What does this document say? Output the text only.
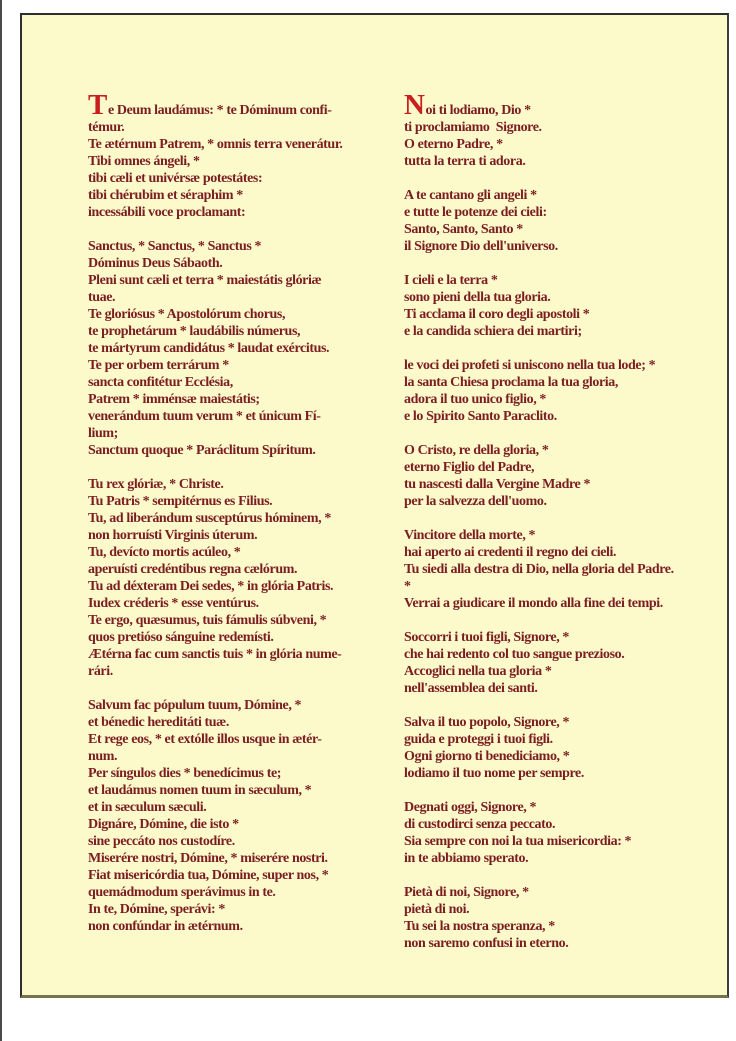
Te Deum laudámus: * te Dóminum confi-
témur.
Te ætérnum Patrem, * omnis terra venerátur.
Tibi omnes ángeli, *
tibi cæli et univérsæ potestátes:
tibi chérubim et séraphim *
incessábili voce proclamant:
Sanctus, * Sanctus, * Sanctus *
Dóminus Deus Sábaoth.
Pleni sunt cæli et terra * maiestátis glóriæ
tuae.
Te gloriósus * Apostolórum chorus,
te prophetárum * laudábilis númerus,
te mártyrum candidátus * laudat exércitus.
Te per orbem terrárum *
sancta confitétur Ecclésia,
Patrem * imménsæ maiestátis;
venerándum tuum verum * et únicum Fí-
lium;
Sanctum quoque * Paráclitum Spíritum.
Tu rex glóriæ, * Christe.
Tu Patris * sempitérnus es Filius.
Tu, ad liberándum susceptúrus hóminem, *
non horruísti Virginis úterum.
Tu, devícto mortis acúleo, *
aperuísti credéntibus regna cælórum.
Tu ad déxteram Dei sedes, * in glória Patris.
Iudex créderis * esse ventúrus.
Te ergo, quæsumus, tuis fámulis súbveni, *
quos pretióso sánguine redemísti.
Ætérna fac cum sanctis tuis * in glória nume-
rári.
Salvum fac pópulum tuum, Dómine, *
et bénedic hereditáti tuæ.
Et rege eos, * et extólle illos usque in ætér-
num.
Per síngulos dies * benedícimus te;
et laudámus nomen tuum in sæculum, *
et in sæculum sæculi.
Dignáre, Dómine, die isto *
sine peccáto nos custodíre.
Miserére nostri, Dómine, * miserére nostri.
Fiat misericórdia tua, Dómine, super nos, *
quemádmodum sperávimus in te.
In te, Dómine, sperávi: *
non confúndar in ætérnum.
Noi ti lodiamo, Dio *
ti proclamiamo  Signore.
O eterno Padre, *
tutta la terra ti adora.
A te cantano gli angeli *
e tutte le potenze dei cieli:
Santo, Santo, Santo *
il Signore Dio dell'universo.
I cieli e la terra *
sono pieni della tua gloria.
Ti acclama il coro degli apostoli *
e la candida schiera dei martiri;
le voci dei profeti si uniscono nella tua lode; *
la santa Chiesa proclama la tua gloria,
adora il tuo unico figlio, *
e lo Spirito Santo Paraclito.
O Cristo, re della gloria, *
eterno Figlio del Padre,
tu nascesti dalla Vergine Madre *
per la salvezza dell'uomo.
Vincitore della morte, *
hai aperto ai credenti il regno dei cieli.
Tu siedi alla destra di Dio, nella gloria del Padre.
*
Verrai a giudicare il mondo alla fine dei tempi.
Soccorri i tuoi figli, Signore, *
che hai redento col tuo sangue prezioso.
Accoglici nella tua gloria *
nell'assemblea dei santi.
Salva il tuo popolo, Signore, *
guida e proteggi i tuoi figli.
Ogni giorno ti benediciamo, *
lodiamo il tuo nome per sempre.
Degnati oggi, Signore, *
di custodirci senza peccato.
Sia sempre con noi la tua misericordia: *
in te abbiamo sperato.
Pietà di noi, Signore, *
pietà di noi.
Tu sei la nostra speranza, *
non saremo confusi in eterno.
